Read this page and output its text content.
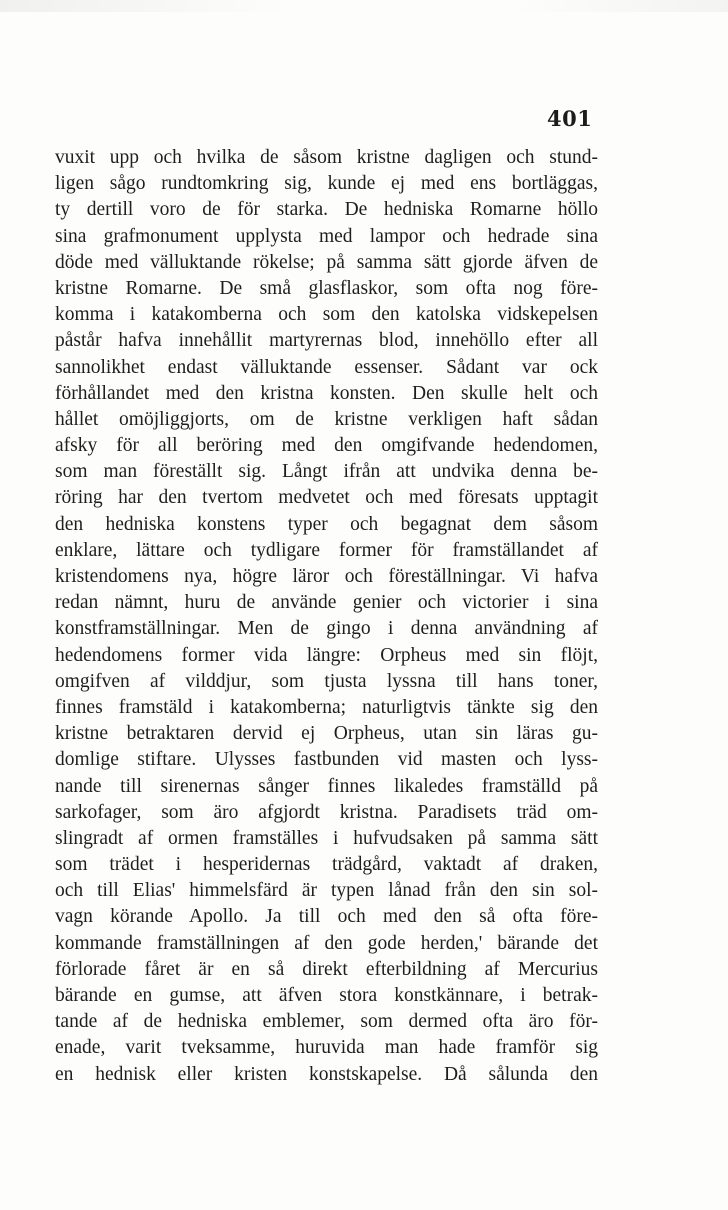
401
vuxit upp och hvilka de såsom kristne dagligen och stund-
ligen sågo rundtomkring sig, kunde ej med ens bortläggas,
ty dertill voro de för starka. De hedniska Romarne höllo
sina grafmonument upplysta med lampor och hedrade sina
döde med välluktande rökelse; på samma sätt gjorde äfven de
kristne Romarne. De små glasflaskor, som ofta nog före-
komma i katakomberna och som den katolska vidskepelsen
påstår hafva innehållit martyrernas blod, innehöllo efter all
sannolikhet endast välluktande essenser. Sådant var ock
förhållandet med den kristna konsten. Den skulle helt och
hållet omöjliggjorts, om de kristne verkligen haft sådan
afsky för all beröring med den omgifvande hedendomen,
som man föreställt sig. Långt ifrån att undvika denna be-
röring har den tvertom medvetet och med föresats upptagit
den hedniska konstens typer och begagnat dem såsom
enklare, lättare och tydligare former för framställandet af
kristendomens nya, högre läror och föreställningar. Vi hafva
redan nämnt, huru de använde genier och victorier i sina
konstframställningar. Men de gingo i denna användning af
hedendomens former vida längre: Orpheus med sin flöjt,
omgifven af vilddjur, som tjusta lyssna till hans toner,
finnes framstäld i katakomberna; naturligtvis tänkte sig den
kristne betraktaren dervid ej Orpheus, utan sin läras gu-
domlige stiftare. Ulysses fastbunden vid masten och lyss-
nande till sirenernas sånger finnes likaledes framställd på
sarkofager, som äro afgjordt kristna. Paradisets träd om-
slingradt af ormen framställes i hufvudsaken på samma sätt
som trädet i hesperidernas trädgård, vaktadt af draken,
och till Elias' himmelsfärd är typen lånad från den sin sol-
vagn körande Apollo. Ja till och med den så ofta före-
kommande framställningen af den gode herden,' bärande det
förlorade fåret är en så direkt efterbildning af Mercurius
bärande en gumse, att äfven stora konstkännare, i betrak-
tande af de hedniska emblemer, som dermed ofta äro för-
enade, varit tveksamme, huruvida man hade framför sig
en hednisk eller kristen konstskapelse. Då sålunda den
